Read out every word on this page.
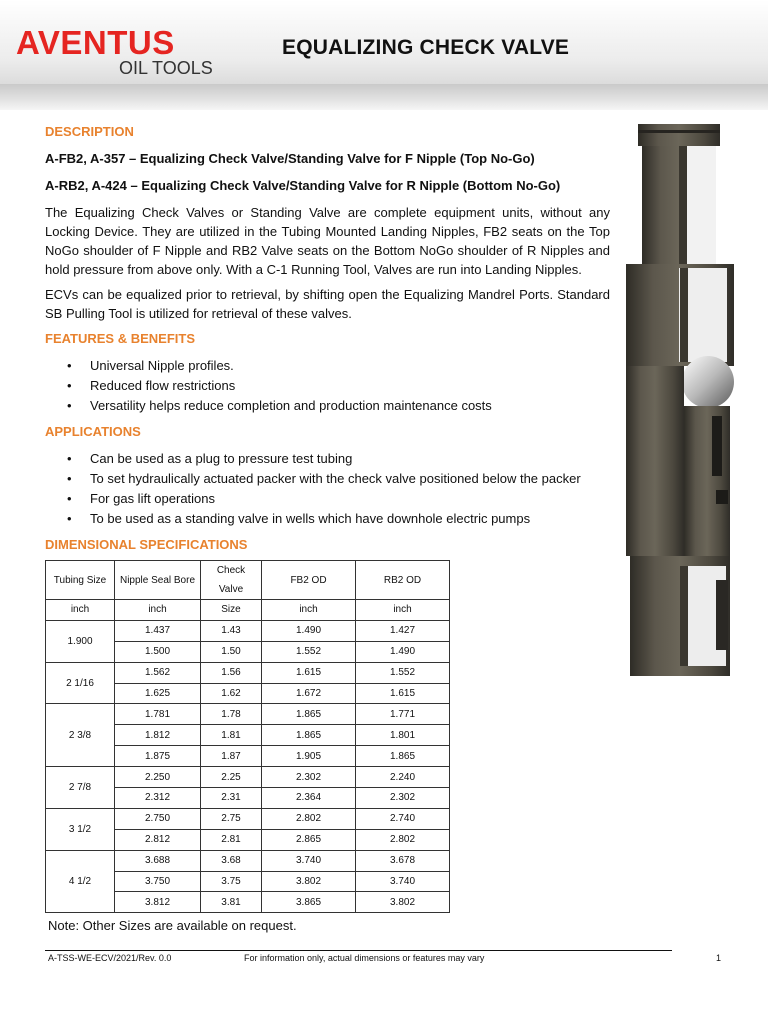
AVENTUS
OIL TOOLS
EQUALIZING CHECK VALVE
DESCRIPTION
A-FB2, A-357 – Equalizing Check Valve/Standing Valve for F Nipple (Top No-Go)
A-RB2, A-424 – Equalizing Check Valve/Standing Valve for R Nipple (Bottom No-Go)

The Equalizing Check Valves or Standing Valve are complete equipment units, without any Locking Device. They are utilized in the Tubing Mounted Landing Nipples, FB2 seats on the Top NoGo shoulder of F Nipple and RB2 Valve seats on the Bottom NoGo shoulder of R Nipples and hold pressure from above only. With a C-1 Running Tool, Valves are run into Landing Nipples.

ECVs can be equalized prior to retrieval, by shifting open the Equalizing Mandrel Ports. Standard SB Pulling Tool is utilized for retrieval of these valves.

FEATURES & BENEFITS
• Universal Nipple profiles.
• Reduced flow restrictions
• Versatility helps reduce completion and production maintenance costs
APPLICATIONS
• Can be used as a plug to pressure test tubing
• To set hydraulically actuated packer with the check valve positioned below the packer
• For gas lift operations
• To be used as a standing valve in wells which have downhole electric pumps
DIMENSIONAL SPECIFICATIONS
Tubing Size	Nipple Seal Bore	Check Valve	FB2 OD	RB2 OD
inch	inch	Size	inch	inch
1.900	1.437	1.43	1.490	1.427
	1.500	1.50	1.552	1.490
2 1/16	1.562	1.56	1.615	1.552
	1.625	1.62	1.672	1.615
2 3/8	1.781	1.78	1.865	1.771
	1.812	1.81	1.865	1.801
	1.875	1.87	1.905	1.865
2 7/8	2.250	2.25	2.302	2.240
	2.312	2.31	2.364	2.302
3 1/2	2.750	2.75	2.802	2.740
	2.812	2.81	2.865	2.802
4 1/2	3.688	3.68	3.740	3.678
	3.750	3.75	3.802	3.740
	3.812	3.81	3.865	3.802
Note: Other Sizes are available on request.
A-TSS-WE-ECV/2021/Rev. 0.0	For information only, actual dimensions or features may vary	1
